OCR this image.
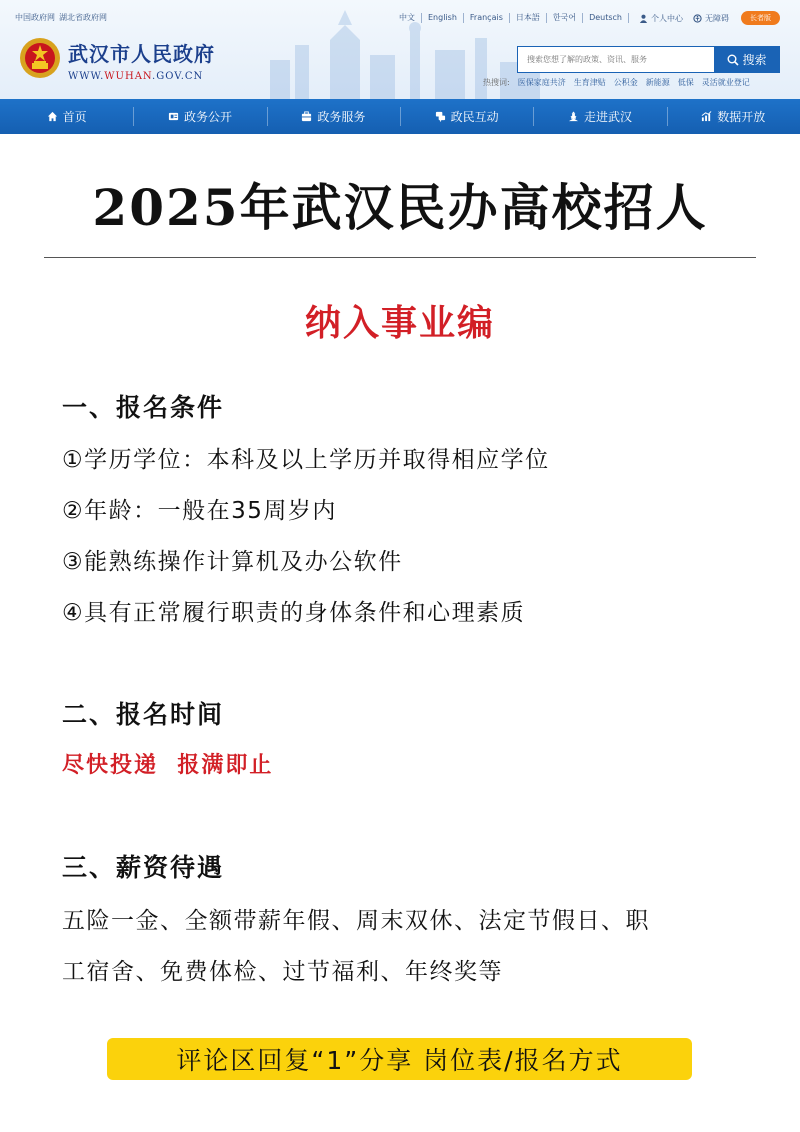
中国政府网 湖北省政府网	中文	English	Français	日本語	한국어	Deutsch	个人中心	无障碍	长者版
武汉市人民政府
WWW.WUHAN.GOV.CN
搜索您想了解的政策、资讯、服务
搜索
热搜词: 医保家庭共济 生育津贴 公积金 新能源 低保 灵活就业登记
首页	政务公开	政务服务	政民互动	走进武汉	数据开放
2025年武汉民办高校招人
纳入事业编
一、报名条件
①学历学位：本科及以上学历并取得相应学位
②年龄：一般在35周岁内
③能熟练操作计算机及办公软件
④具有正常履行职责的身体条件和心理素质
二、报名时间
尽快投递  报满即止
三、薪资待遇
五险一金、全额带薪年假、周末双休、法定节假日、职
工宿舍、免费体检、过节福利、年终奖等
评论区回复“1”分享 岗位表/报名方式
